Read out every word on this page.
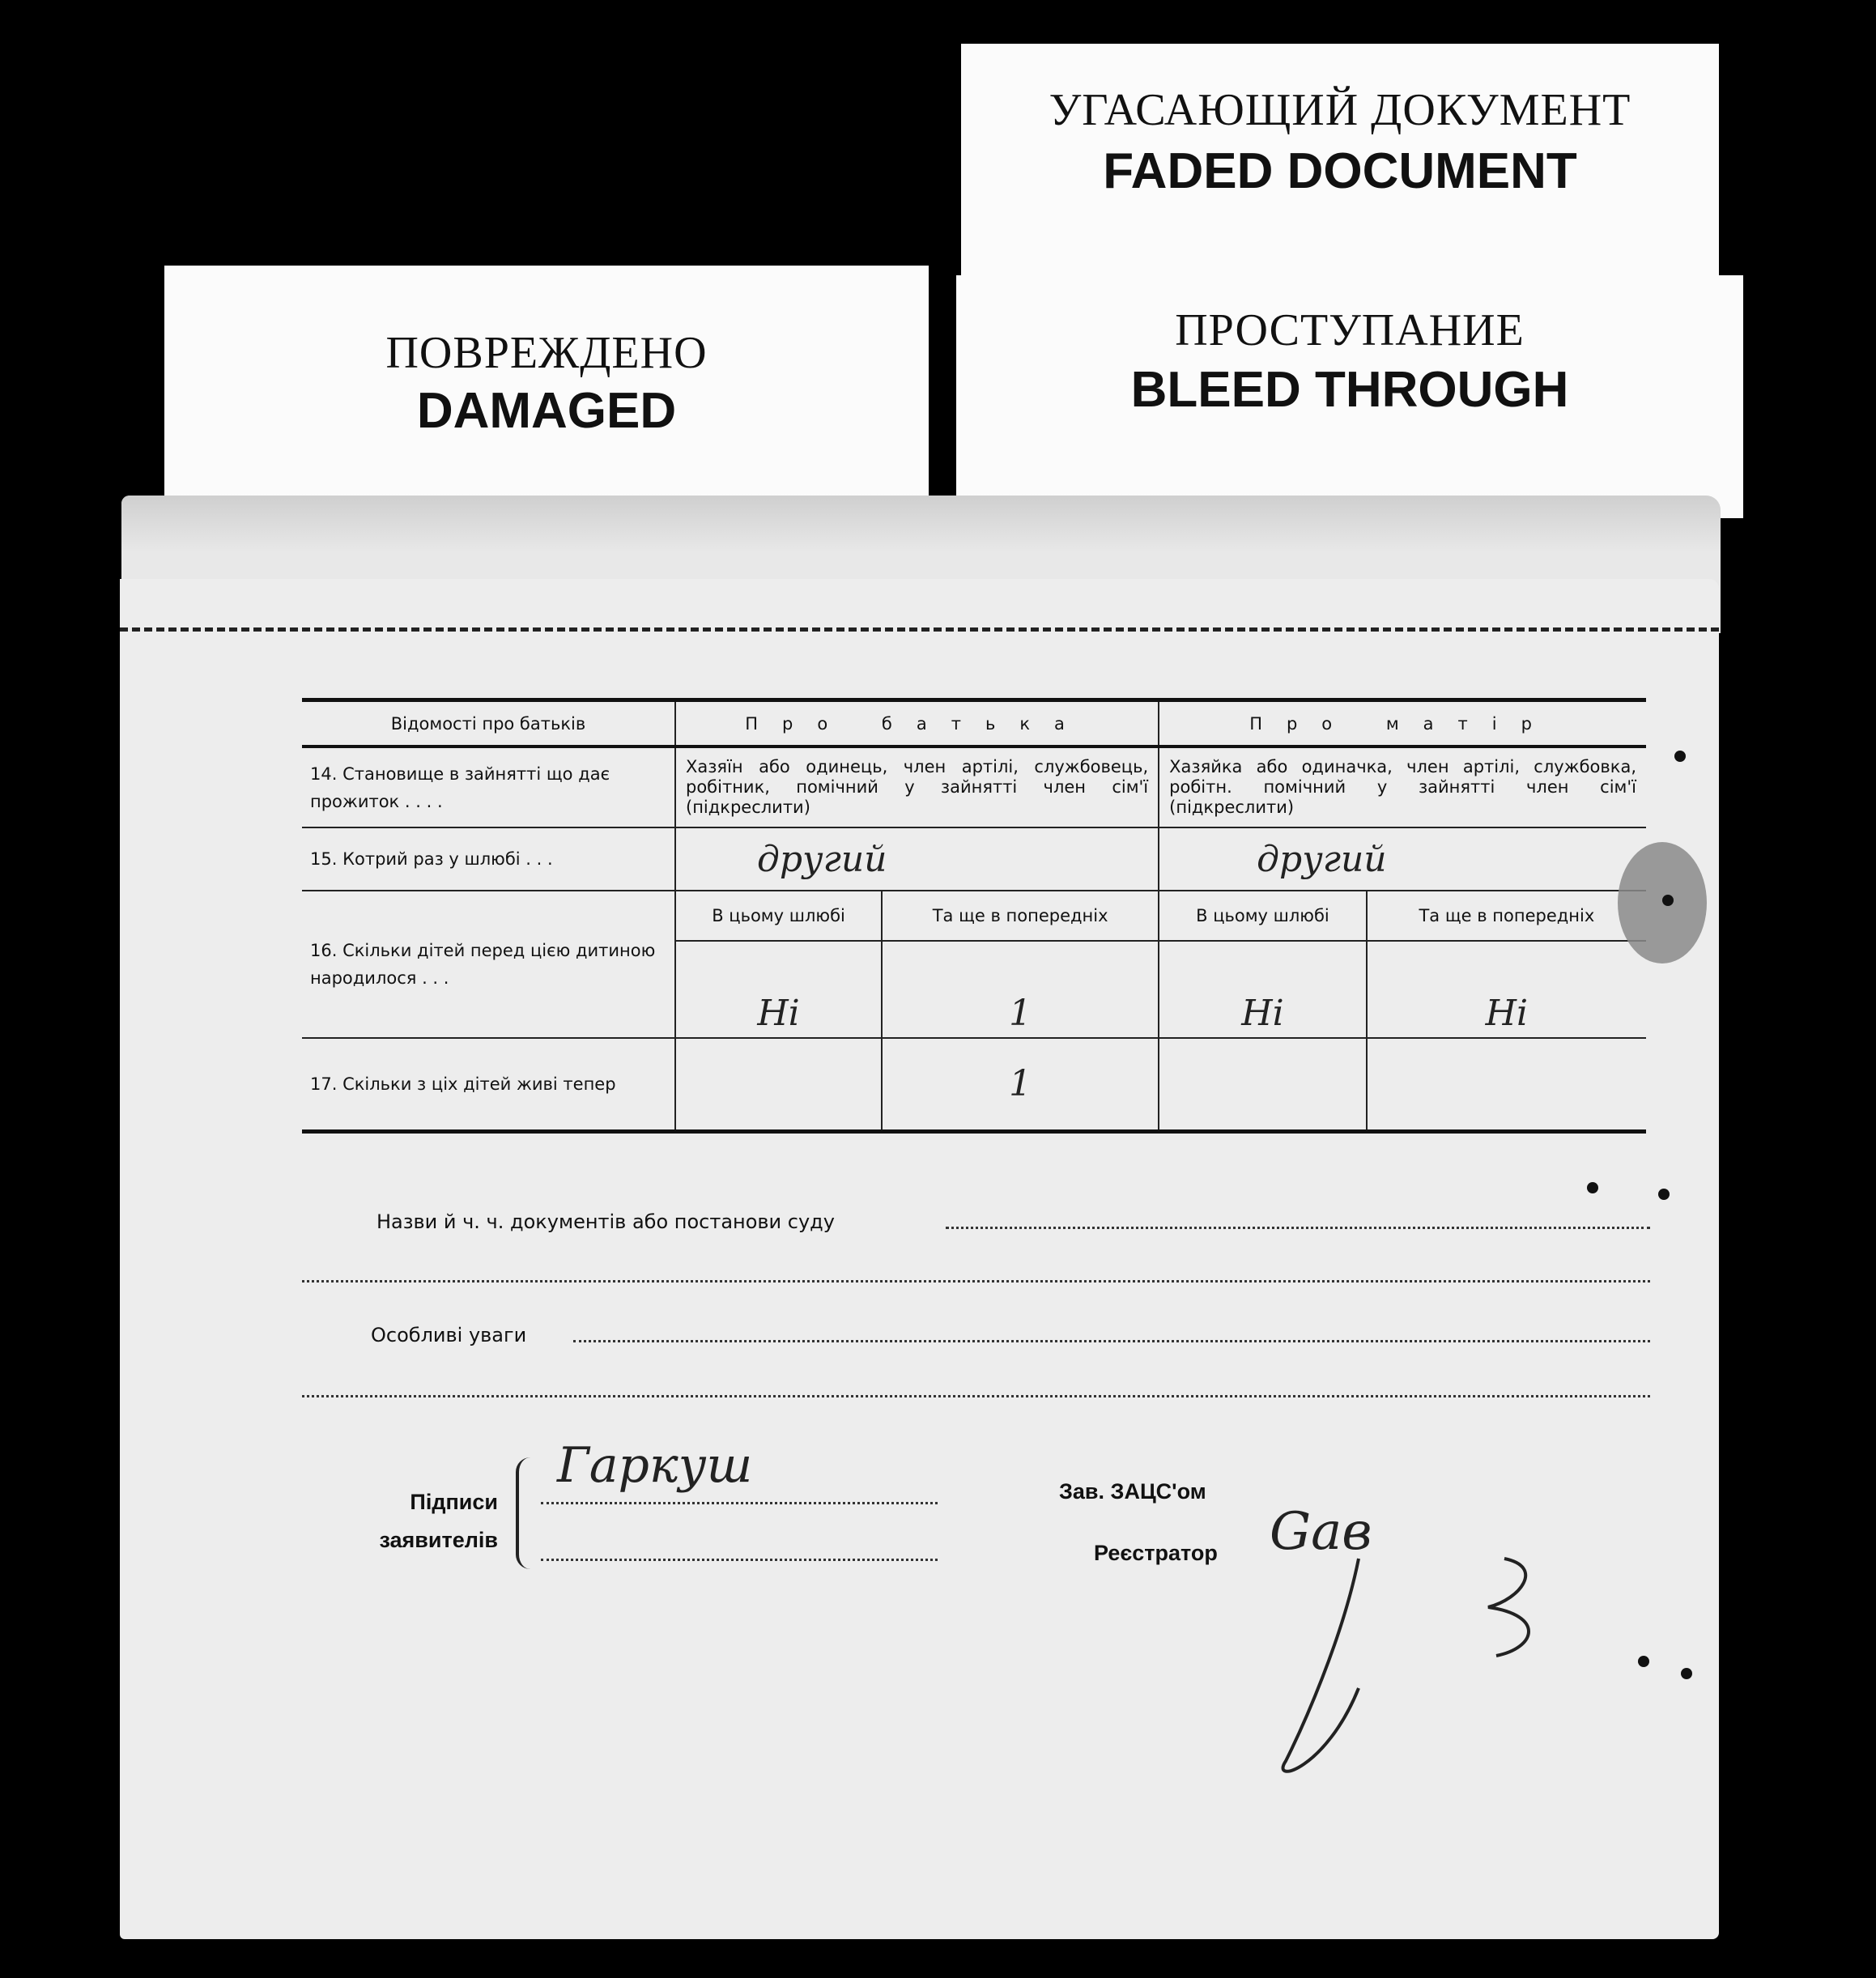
УГАСАЮЩИЙ ДОКУМЕНТ
FADED DOCUMENT
ПРОСТУПАНИЕ
BLEED THROUGH
ПОВРЕЖДЕНО
DAMAGED
Відомості про батьків	Про батька		Про матір	
14. Становище в зайнятті що дає прожиток . . . .	Хазяїн або одинець, член артілі, службовець, робітник, помічний у зайнятті член сім'ї (підкреслити)		Хазяйка або одиначка, член артілі, службовка, робітн. помічний у зайнятті член сім'ї (підкреслити)	
15. Котрий раз у шлюбі . . .	другий		другий	
16. Скільки дітей перед цією дитиною народилося . . .	В цьому шлюбі	Та ще в попередніх	В цьому шлюбі	Та ще в попередніх
	Ні	1	Ні	Ні
17. Скільки з ціх дітей живі тепер		1		
Назви й ч. ч. документів або постанови суду
Особливі уваги
Підписи
заявителів
Гаркуш	Зав. ЗАЦС'ом
Реєстратор Gaв
